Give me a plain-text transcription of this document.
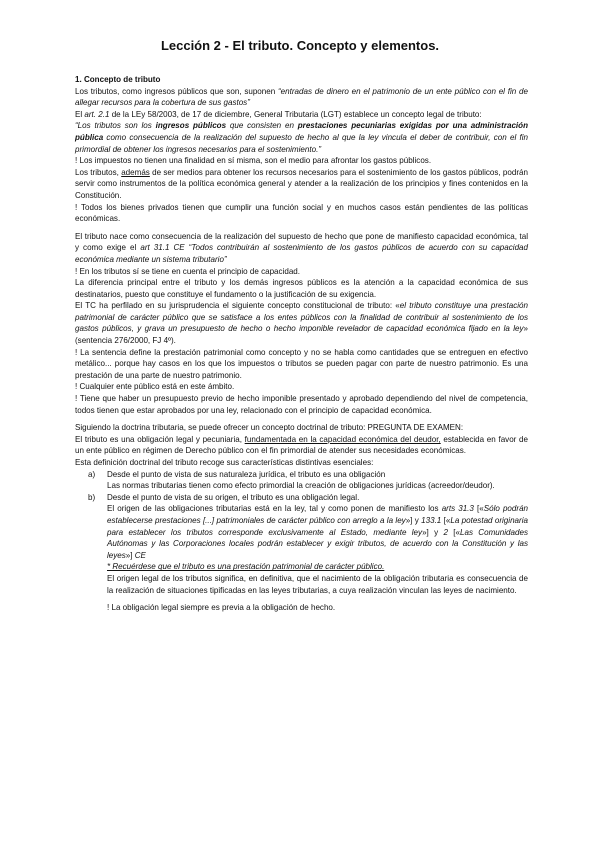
Lección 2 - El tributo. Concepto y elementos.

1. Concepto de tributo

Los tributos, como ingresos públicos que son, suponen “entradas de dinero en el patrimonio de un ente público con el fin de allegar recursos para la cobertura de sus gastos”

El art. 2.1 de la LEy 58/2003, de 17 de diciembre, General Tributaria (LGT) establece un concepto legal de tributo:

“Los tributos son los ingresos públicos que consisten en prestaciones pecuniarias exigidas por una administración pública como consecuencia de la realización del supuesto de hecho al que la ley vincula el deber de contribuir, con el fin primordial de obtener los ingresos necesarios para el sostenimiento.”

! Los impuestos no tienen una finalidad en sí misma, son el medio para afrontar los gastos públicos.

Los tributos, además de ser medios para obtener los recursos necesarios para el sostenimiento de los gastos públicos, podrán servir como instrumentos de la política económica general y atender a la realización de los principios y fines contenidos en la Constitución.

! Todos los bienes privados tienen que cumplir una función social y en muchos casos están pendientes de las políticas económicas.

El tributo nace como consecuencia de la realización del supuesto de hecho que pone de manifiesto capacidad económica, tal y como exige el art 31.1 CE “Todos contribuirán al sostenimiento de los gastos públicos de acuerdo con su capacidad económica mediante un sistema tributario”

! En los tributos sí se tiene en cuenta el principio de capacidad.

La diferencia principal entre el tributo y los demás ingresos públicos es la atención a la capacidad económica de sus destinatarios, puesto que constituye el fundamento o la justificación de su exigencia.

El TC ha perfilado en su jurisprudencia el siguiente concepto constitucional de tributo: «el tributo constituye una prestación patrimonial de carácter público que se satisface a los entes públicos con la finalidad de contribuir al sostenimiento de los gastos públicos, y grava un presupuesto de hecho o hecho imponible revelador de capacidad económica fijado en la ley» (sentencia 276/2000, FJ 4º).

! La sentencia define la prestación patrimonial como concepto y no se habla como cantidades que se entreguen en efectivo metálico... porque hay casos en los que los impuestos o tributos se pueden pagar con parte de nuestro patrimonio. Es una prestación de una parte de nuestro patrimonio.

! Cualquier ente público está en este ámbito.

! Tiene que haber un presupuesto previo de hecho imponible presentado y aprobado dependiendo del nivel de competencia, todos tienen que estar aprobados por una ley, relacionado con el principio de capacidad económica.

Siguiendo la doctrina tributaria, se puede ofrecer un concepto doctrinal de tributo: PREGUNTA DE EXAMEN:

El tributo es una obligación legal y pecuniaria, fundamentada en la capacidad económica del deudor, establecida en favor de un ente público en régimen de Derecho público con el fin primordial de atender sus necesidades económicas.

Esta definición doctrinal del tributo recoge sus características distintivas esenciales:

a) Desde el punto de vista de sus naturaleza jurídica, el tributo es una obligación

Las normas tributarias tienen como efecto primordial la creación de obligaciones jurídicas (acreedor/deudor).

b) Desde el punto de vista de su origen, el tributo es una obligación legal.

El origen de las obligaciones tributarias está en la ley, tal y como ponen de manifiesto los arts 31.3 [«Sólo podrán establecerse prestaciones [...] patrimoniales de carácter público con arreglo a la ley»] y 133.1 [«La potestad originaria para establecer los tributos corresponde exclusivamente al Estado, mediante ley»] y 2 [«Las Comunidades Autónomas y las Corporaciones locales podrán establecer y exigir tributos, de acuerdo con la Constitución y las leyes»] CE

* Recuérdese que el tributo es una prestación patrimonial de carácter público.

El origen legal de los tributos significa, en definitiva, que el nacimiento de la obligación tributaria es consecuencia de la realización de situaciones tipificadas en las leyes tributarias, a cuya realización vinculan las leyes de nacimiento.

! La obligación legal siempre es previa a la obligación de hecho.
